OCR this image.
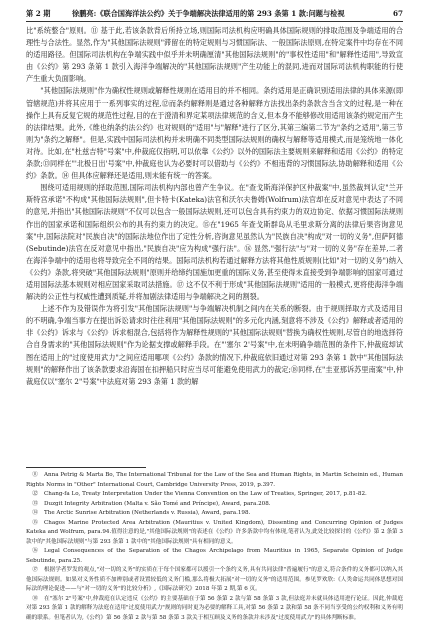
第 2 期	徐鹏亮:《联合国海洋法公约》关于争端解决法律适用的第 293 条第 1 款:问题与检视	67

比"系统整合"原则。⑪ 基于此,若该条款背后所持立场,则国际司法机构应明确具体国际规则的排取范围及争端适用的合理性与合法性。显然,作为"其他国际法规则"滞留在的特定规则与习惯国际法、一般国际法原则,在特定案件中均存在不同的适用路径。但国际司法机构在争端实践中似乎并未明确厘清"其他国际法规则"的"事权性适用"和"解释性适用",导致宣由《公约》第 293 条第 1 款引入海洋争端解决的"其他国际法规则"产生功能上的混同,进而对国际司法机构职能的行使产生重大负面影响。

"其他国际法规则"作为确权性规则或解释性规则在适用目的并不相同。条约适用是正确识别适用法律的具体来源(即管辖规范)并将其应用于一系列事实的过程,⑫而条约解释则是通过各种解释方法找出条约条款含当含文的过程,是一种在操作上具有反复它规的规范性过程,目的在于澄清和界定某项法律规范的含义,但本身不能够修改用适用该条约规定而产生的法律结果。此外,《维也纳条约法公约》也对规则的"适用"与"解释"进行了区分,其第三编第二节为"条约之适用",第三节则为"条约之解释"。但是,实践中国际司法机构并未明确不同类型国际法规则的确权与解释等适用模式,而是笼统地一体化对待。比如,在"杜兹吉特"号案"中,仲裁庭仅指明,可以依靠《公约》以外的国际法主要规则来解释和适用《公约》的特定条款;⑬同样在"'北极日出'号案"中,仲裁庭也认为必要时可以借助与《公约》不相违背的习惯国际法,协助解释和适用《公约》条款。⑭ 但具体应解释还是适用,则未能有统一的答案。

围绕可适用规则的择取范围,国际司法机构内部也曾产生争议。在"查戈斯海洋保护区仲裁案"中,虽然裁判认定"兰开斯特宫承诺"不构成"其他国际法规则",但卡特卡(Kateka)法官和沃尔夫鲁姆(Wolfrum)法官却在反对意见中表达了不同的意见,并指出"其他国际法规则"不仅可以包含一般国际法规则,还可以包含具有约束力的双边协定、依据习惯国际法规则作出的国家承诺和国际组织公布的具有约束力的决定。⑮在"1965 年查戈斯群岛从毛里求斯分离的法律后果咨询意见案"中,国际法院对"民族自决"的国际法地位作出了定性分析,咨询意见虽然认为"民族自决"构成"对一切的义务",但萨阿德(Sebutinde)法官在反对意见中指出,"民族自决"应为构成"强行法"。⑯ 显然,"强行法"与"对一切的义务"存在差异,二者在海洋争端中的适用也将导致完全不同的结果。国际司法机构若通过解释方法将其他性质规则(比如"对一切的义务")纳入《公约》条款,将突破"其他国际法规则"原则并给缔约国施加更重的国际义务,甚至使得未直接受到争端影响的国家可通过适用国际法基本规则对相应国家采取司法措施。⑰ 这不仅不利于形成"其他国际法规则"适用的一般模式,更将使海洋争端解决的公正性与权威性遭到质疑,并将加剧法律适用与争端解决之间的割裂。

上述不作为及错误作为将引发"其他国际法规则"与争端解决机制之间内在关系的断裂。由于规则择取方式及适用目的不明确,争端当事方在提出诉讼请求时往往利用"其他国际法规则"的多元化内涵,刻意将不涉及《公约》解释或者适用的非《公约》诉求与《公约》诉求相混合,包括将作为解释性规则的"其他国际法规则"替换为确权性规则,尽管自的地选择符合自身需求的"其他国际法规则"作为论据支撑或解释手段。在"'塞尔 2'号案"中,在未明确争端范围的条件下,仲裁庭却试图在适用上的"过度使用武力"之间应适用哪项《公约》条款的情况下,仲裁庭依旧通过对第 293 条第 1 款中"其他国际法规则"的解释作出了该条款要求沿海国在扣押船只时应当尽可能避免使用武力的裁定;⑱同样,在"圭亚那诉苏里南案"中,仲裁庭仅以"塞尔 2"号案"中法庭对第 293 条第 1 款的解

⑪ Anna Petrig & Marta Bo, The International Tribunal for the Law of the Sea and Human Rights, in Martin Scheinin ed., Human Rights Norms in "Other" International Court, Cambridge University Press, 2019, p.397.

⑫ Chang-fa Lo, Treaty Interpretation Under the Vienna Convention on the Law of Treaties, Springer, 2017, p.81-82.

⑬ Duzgit Integrity Arbitration (Malta v. São Tomé and Príncipe), Award, para.208.

⑭ The Arctic Sunrise Arbitration (Netherlands v. Russia), Award, para.198.

⑮ Chagos Marine Protected Area Arbitration (Mauritius v. United Kingdom), Dissenting and Concurring Opinion of Judges Kateka and Wolfrum, para.94.值得注意的是,"其他国际法规则"的表述在《公约》许多条款中均有体现,笔者认为,此处比较探讨的《公约》第 2 条第 3 款中的"其他国际法规则"与第 293 条第 1 款中的"其他国际法规则"具有相同的意义。

⑯ Legal Consequences of the Separation of the Chagos Archipelago from Mauritius in 1965, Separate Opinion of Judge Sebutinde, para.25.

⑰ 根据学者罗发的观点,"对一切的义务"的实质在于每个国家都可以援引一个条约义务,具有共同法律"普遍履行"的意义,符合条件的义务都可以纳入其他国际法规则。如果对义务性质不加辨别或者设置较低的义务门槛,那么将极大拓展"对一切的义务"的适用范围。参见罗欢欣:《人类命运共同体思想对国际法的理论促进——与"对一切的义务"的比较分析》,《国际法研究》2018 年第 2 期,第 6 页。

⑱ 在"塞尔 2"号案"中,仲裁庭在认定违反《公约》的主要基础在于第 56 条第 2 款与第 58 条第 3 款,但法庭并未就具体适用进行论证。因此,仲裁庭对第 293 条第 1 款的解释为法庭在适用"过度使用武力"规则的同时更为必要的解释工具,对第 56 条第 2 款和第 58 条不同当享受的公约权利和义务有明确的联系。但笔者认为,《公约》第 56 条第 2 款与第 58 条第 3 款关于相互顾及义务的条款并未涉及"过度使用武力"的具体判断标准。
